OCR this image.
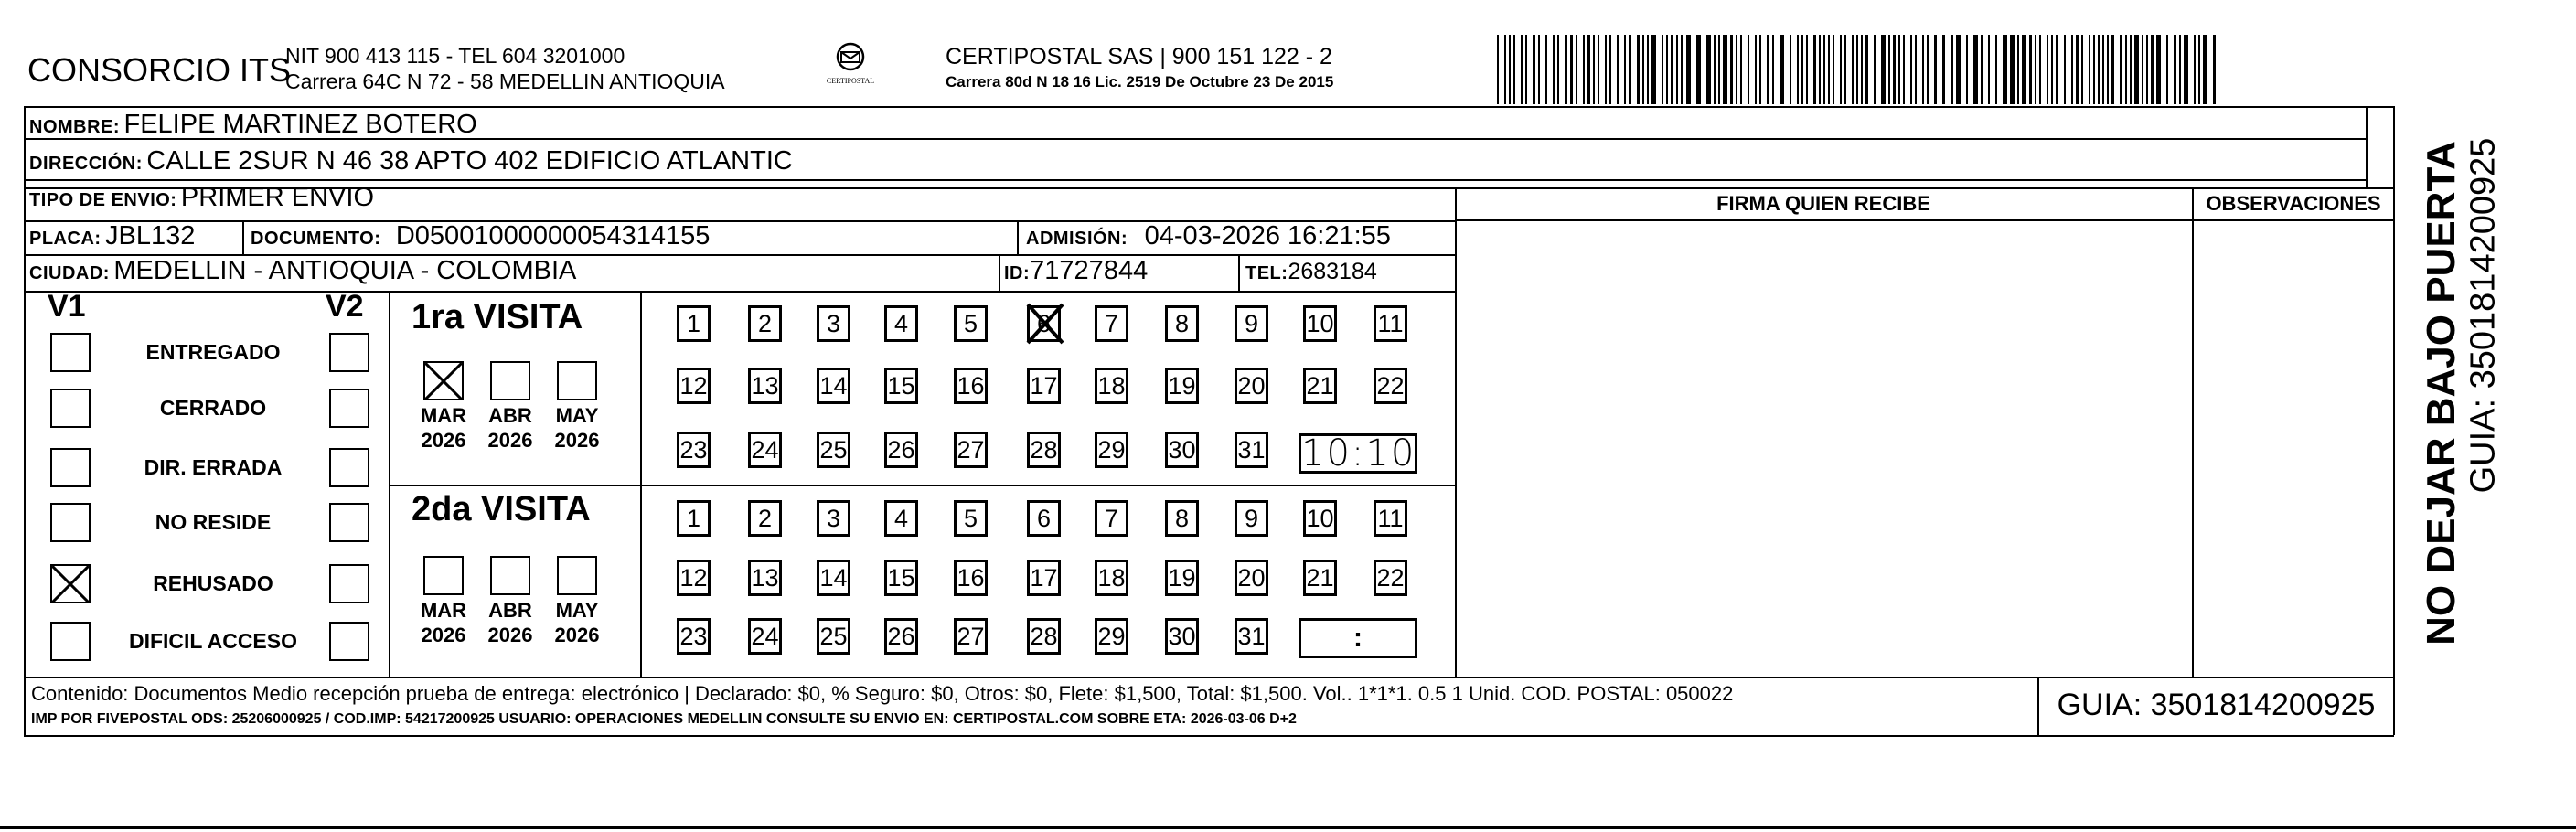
CONSORCIO ITS
NIT 900 413 115 - TEL 604 3201000
Carrera 64C N 72 - 58 MEDELLIN ANTIOQUIA	CERTIPOSTAL
CERTIPOSTAL SAS | 900 151 122 - 2
Carrera 80d N 18 16 Lic. 2519 De Octubre 23 De 2015
NOMBRE: FELIPE MARTINEZ BOTERO
DIRECCIÓN: CALLE 2SUR N 46 38 APTO 402 EDIFICIO ATLANTIC
TIPO DE ENVIO: PRIMER ENVIO
PLACA: JBL132	DOCUMENTO: D05001000000054314155	ADMISIÓN: 04-03-2026 16:21:55
CIUDAD: MEDELLIN - ANTIOQUIA - COLOMBIA	ID:71727844	TEL:2683184
FIRMA QUIEN RECIBE	OBSERVACIONES
V1	V2
ENTREGADO
CERRADO
DIR. ERRADA
NO RESIDE
REHUSADO
DIFICIL ACCESO
1ra VISITA
2da VISITA
MAR
2026
ABR
2026
MAY
2026
MAR
2026
ABR
2026
MAY
2026
1	2	3	4	5	6	7	8	9	10 11
12 13 14 15 16 17 18 19 20 21 22
23 24 25 26 27 28 29 30 31
1	2	3	4	5	6	7	8	9	10 11
12 13 14 15 16 17 18 19 20 21 22
23 24 25 26 27 28 29 30 31
10:10
:
Contenido: Documentos Medio recepción prueba de entrega: electrónico | Declarado: $0, % Seguro: $0, Otros: $0, Flete: $1,500, Total: $1,500. Vol.. 1*1*1. 0.5 1 Unid. COD. POSTAL: 050022
IMP POR FIVEPOSTAL ODS: 25206000925 / COD.IMP: 54217200925 USUARIO: OPERACIONES MEDELLIN CONSULTE SU ENVIO EN: CERTIPOSTAL.COM SOBRE ETA: 2026-03-06 D+2	GUIA: 3501814200925
NO DEJAR BAJO PUERTA GUIA: 3501814200925
